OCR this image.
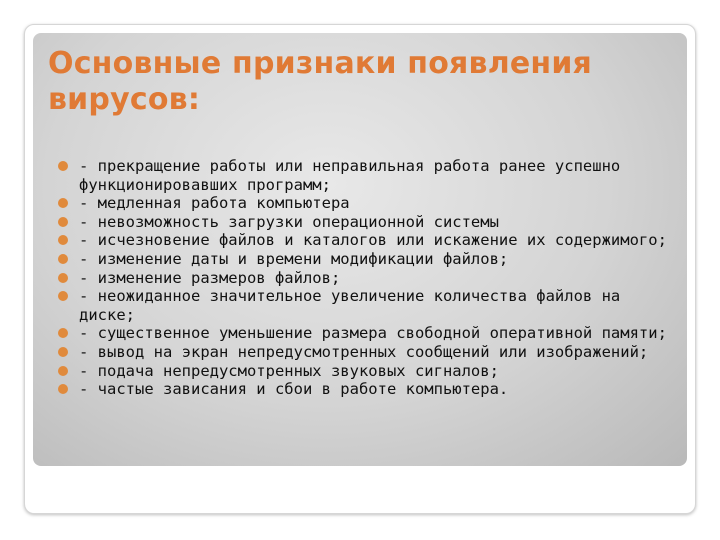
Основные признаки появления вирусов:
- прекращение работы или неправильная работа ранее успешно функционировавших программ;
- медленная работа компьютера
- невозможность загрузки операционной системы
- исчезновение файлов и каталогов или искажение их содержимого;
- изменение даты и времени модификации файлов;
- изменение размеров файлов;
- неожиданное значительное увеличение количества файлов на диске;
- существенное уменьшение размера свободной оперативной памяти;
- вывод на экран непредусмотренных сообщений или изображений;
- подача непредусмотренных звуковых сигналов;
- частые зависания и сбои в работе компьютера.
